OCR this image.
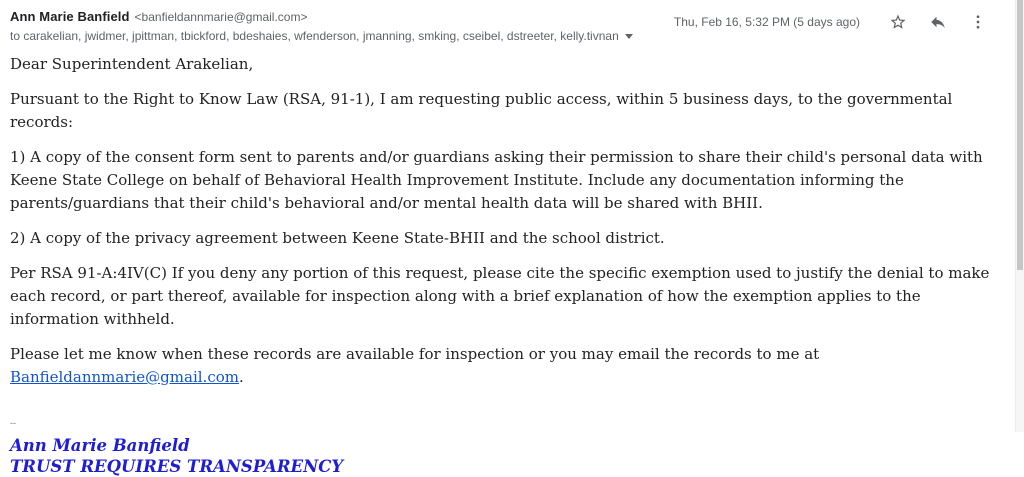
Ann Marie Banfield <banfieldannmarie@gmail.com>
to carakelian, jwidmer, jpittman, tbickford, bdeshaies, wfenderson, jmanning, smking, cseibel, dstreeter, kelly.tivnan
Thu, Feb 16, 5:32 PM (5 days ago)

Dear Superintendent Arakelian,

Pursuant to the Right to Know Law (RSA, 91-1), I am requesting public access, within 5 business days, to the governmental records:

1) A copy of the consent form sent to parents and/or guardians asking their permission to share their child's personal data with Keene State College on behalf of Behavioral Health Improvement Institute. Include any documentation informing the parents/guardians that their child's behavioral and/or mental health data will be shared with BHII.

2) A copy of the privacy agreement between Keene State-BHII and the school district.

Per RSA 91-A:4IV(C) If you deny any portion of this request, please cite the specific exemption used to justify the denial to make each record, or part thereof, available for inspection along with a brief explanation of how the exemption applies to the information withheld.

Please let me know when these records are available for inspection or you may email the records to me at Banfieldannmarie@gmail.com.

--
Ann Marie Banfield
TRUST REQUIRES TRANSPARENCY
